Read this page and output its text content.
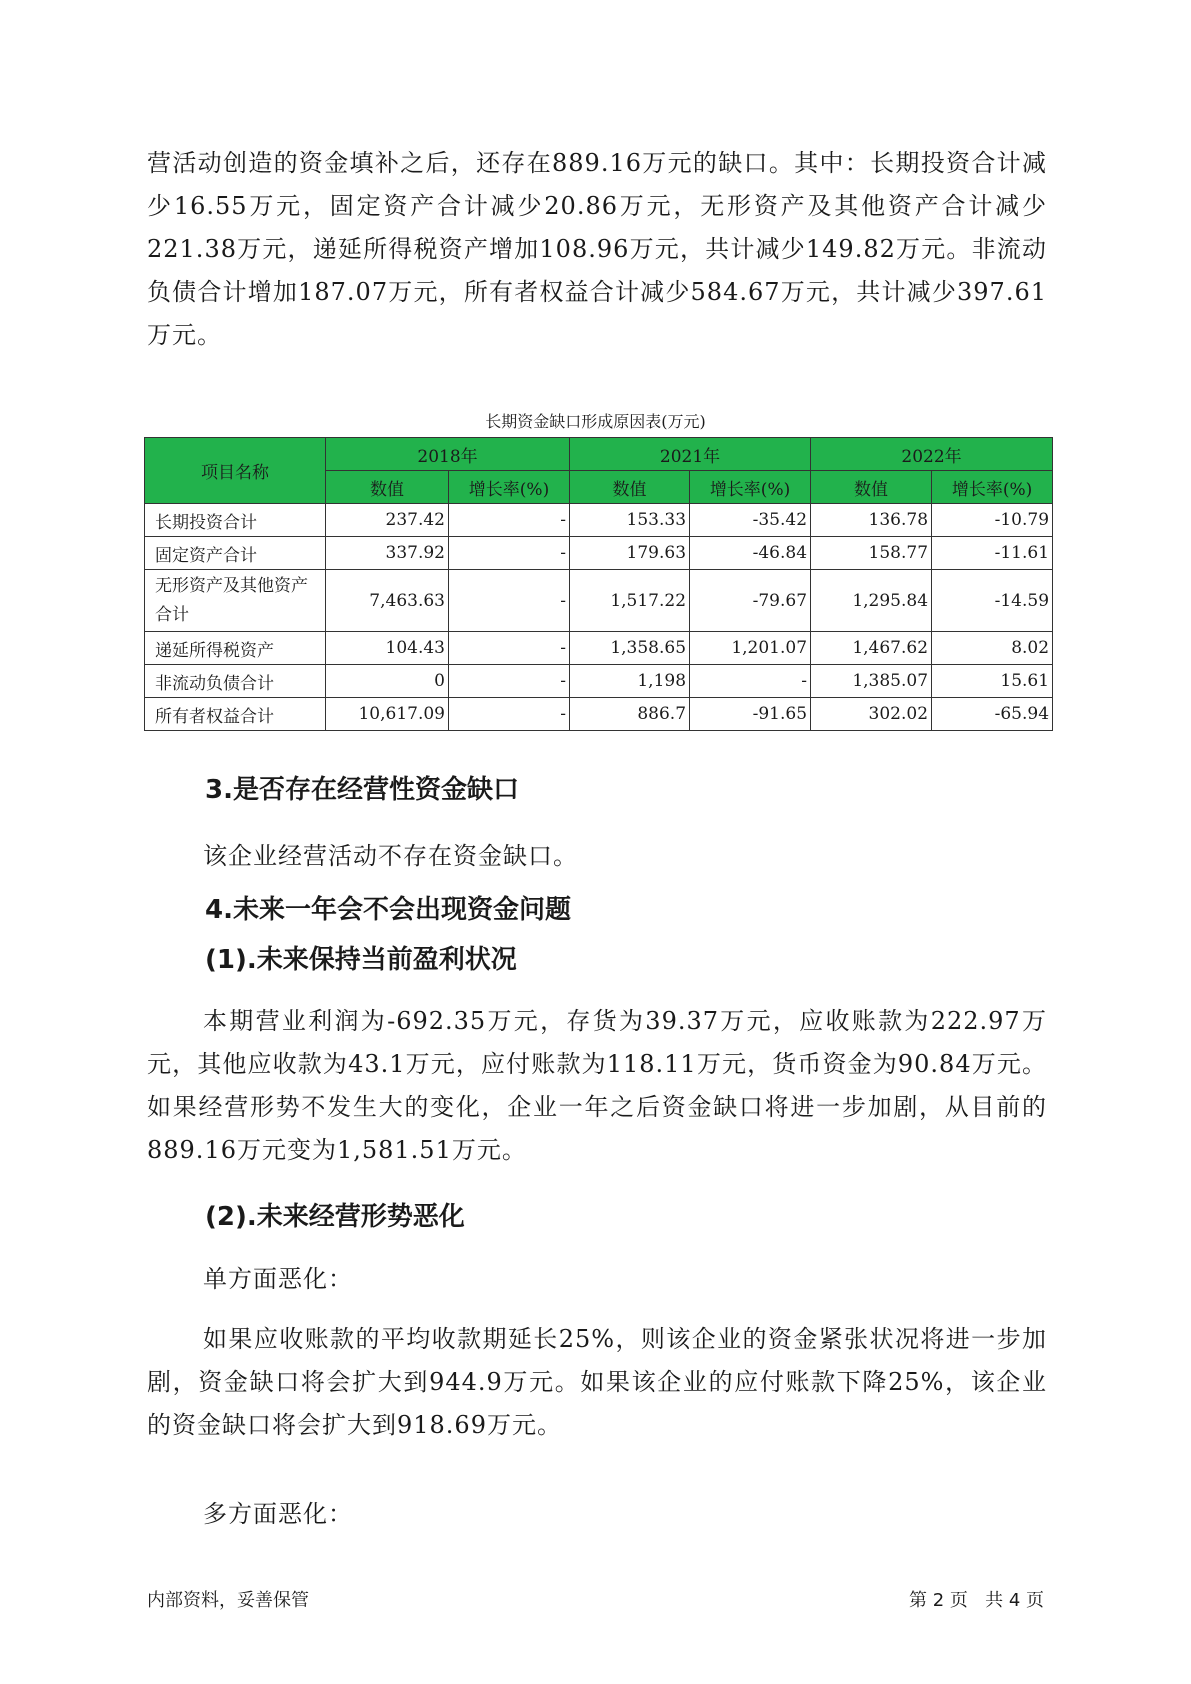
营活动创造的资金填补之后，还存在889.16万元的缺口。其中：长期投资合计减少16.55万元，固定资产合计减少20.86万元，无形资产及其他资产合计减少221.38万元，递延所得税资产增加108.96万元，共计减少149.82万元。非流动负债合计增加187.07万元，所有者权益合计减少584.67万元，共计减少397.61万元。

长期资金缺口形成原因表(万元)
项目名称	2018年		2021年		2022年	
	数值	增长率(%)	数值	增长率(%)	数值	增长率(%)
长期投资合计	237.42	-	153.33	-35.42	136.78	-10.79
固定资产合计	337.92	-	179.63	-46.84	158.77	-11.61
无形资产及其他资产合计	7,463.63	-	1,517.22	-79.67	1,295.84	-14.59
递延所得税资产	104.43	-	1,358.65	1,201.07	1,467.62	8.02
非流动负债合计	0	-	1,198	-	1,385.07	15.61
所有者权益合计	10,617.09	-	886.7	-91.65	302.02	-65.94
3.是否存在经营性资金缺口

该企业经营活动不存在资金缺口。

4.未来一年会不会出现资金问题
(1).未来保持当前盈利状况

本期营业利润为-692.35万元，存货为39.37万元，应收账款为222.97万元，其他应收款为43.1万元，应付账款为118.11万元，货币资金为90.84万元。如果经营形势不发生大的变化，企业一年之后资金缺口将进一步加剧，从目前的889.16万元变为1,581.51万元。

(2).未来经营形势恶化

单方面恶化：

如果应收账款的平均收款期延长25%，则该企业的资金紧张状况将进一步加剧，资金缺口将会扩大到944.9万元。如果该企业的应付账款下降25%，该企业的资金缺口将会扩大到918.69万元。

多方面恶化：

内部资料，妥善保管	第 2 页   共 4 页
